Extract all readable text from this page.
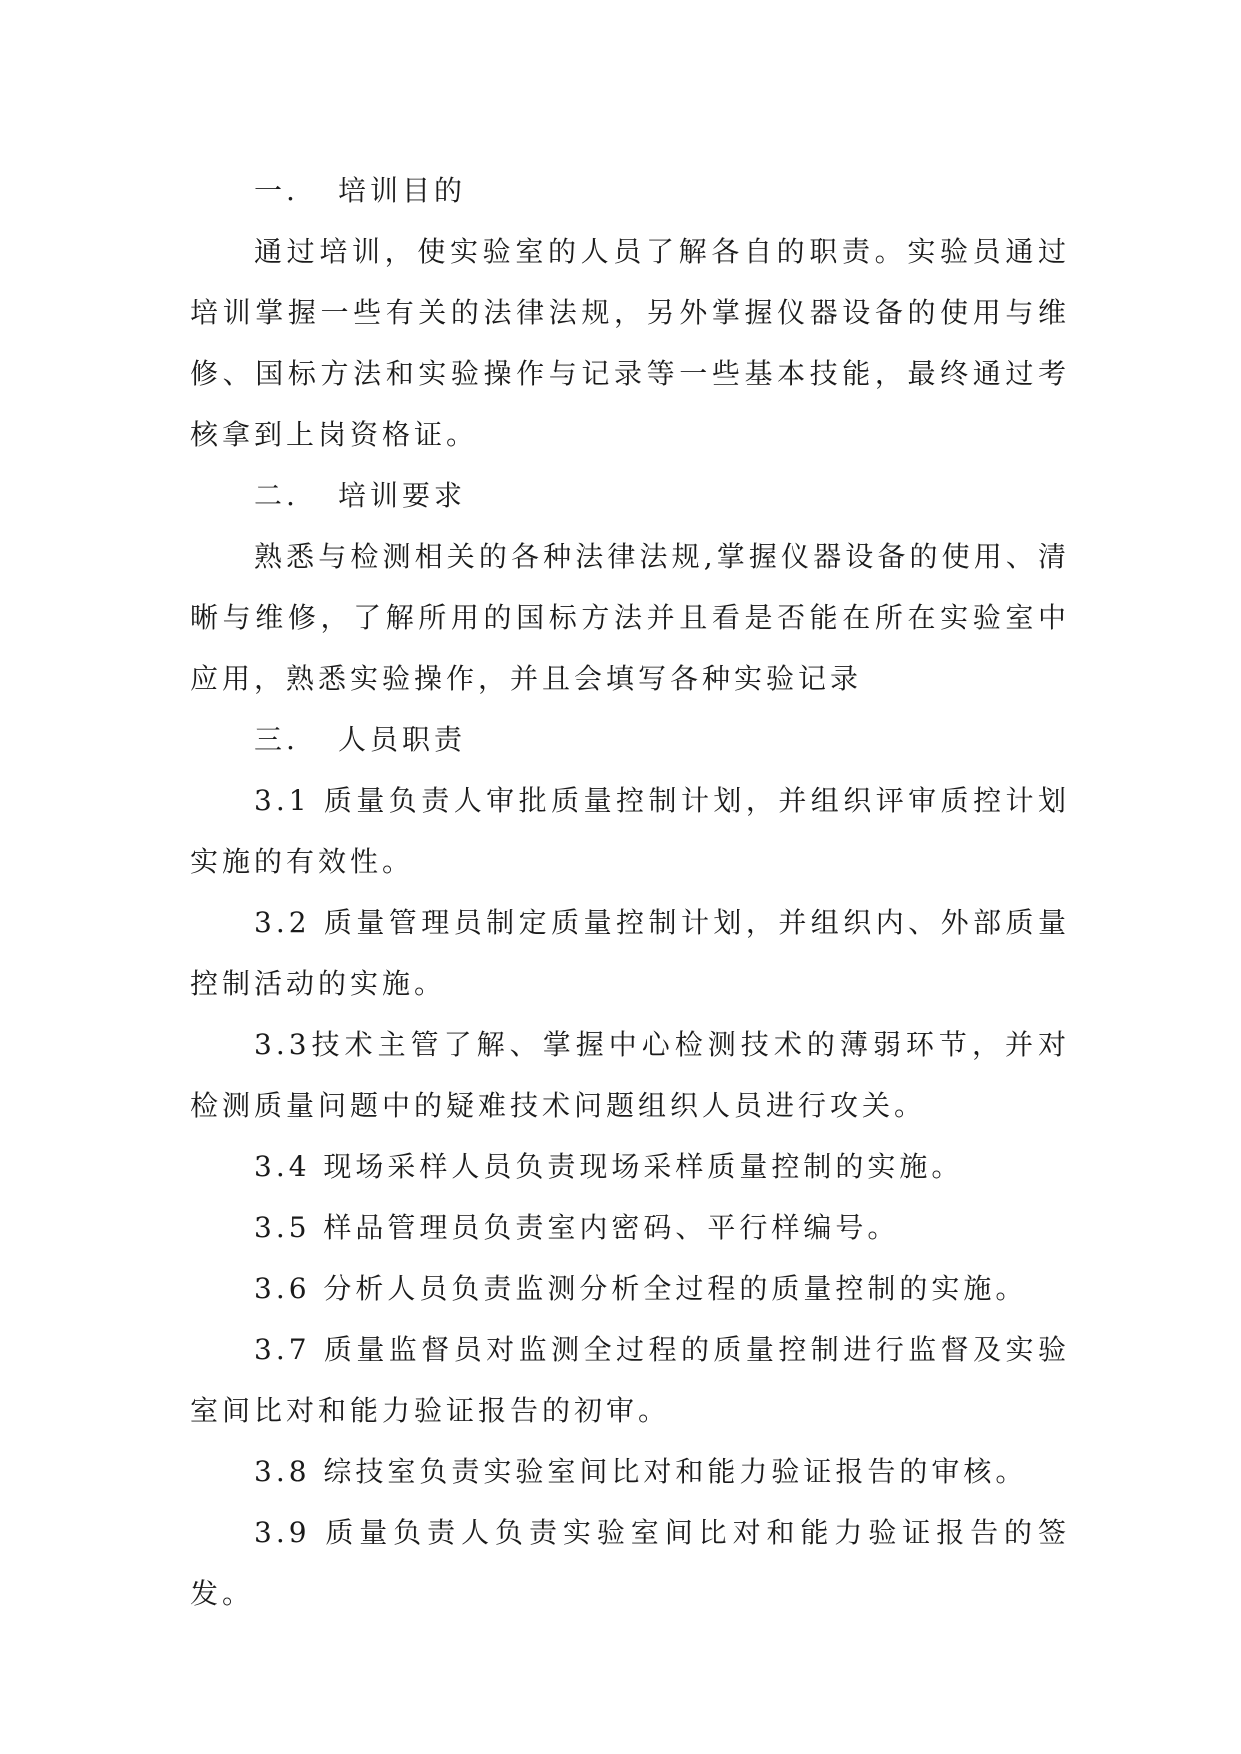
一. 培训目的

通过培训，使实验室的人员了解各自的职责。实验员通过培训掌握一些有关的法律法规，另外掌握仪器设备的使用与维修、国标方法和实验操作与记录等一些基本技能，最终通过考核拿到上岗资格证。

二. 培训要求

熟悉与检测相关的各种法律法规,掌握仪器设备的使用、清晰与维修，了解所用的国标方法并且看是否能在所在实验室中应用，熟悉实验操作，并且会填写各种实验记录

三. 人员职责

3.1 质量负责人审批质量控制计划，并组织评审质控计划实施的有效性。

3.2 质量管理员制定质量控制计划，并组织内、外部质量控制活动的实施。

3.3技术主管了解、掌握中心检测技术的薄弱环节，并对检测质量问题中的疑难技术问题组织人员进行攻关。

3.4 现场采样人员负责现场采样质量控制的实施。

3.5 样品管理员负责室内密码、平行样编号。

3.6 分析人员负责监测分析全过程的质量控制的实施。

3.7 质量监督员对监测全过程的质量控制进行监督及实验室间比对和能力验证报告的初审。

3.8 综技室负责实验室间比对和能力验证报告的审核。

3.9 质量负责人负责实验室间比对和能力验证报告的签发。
